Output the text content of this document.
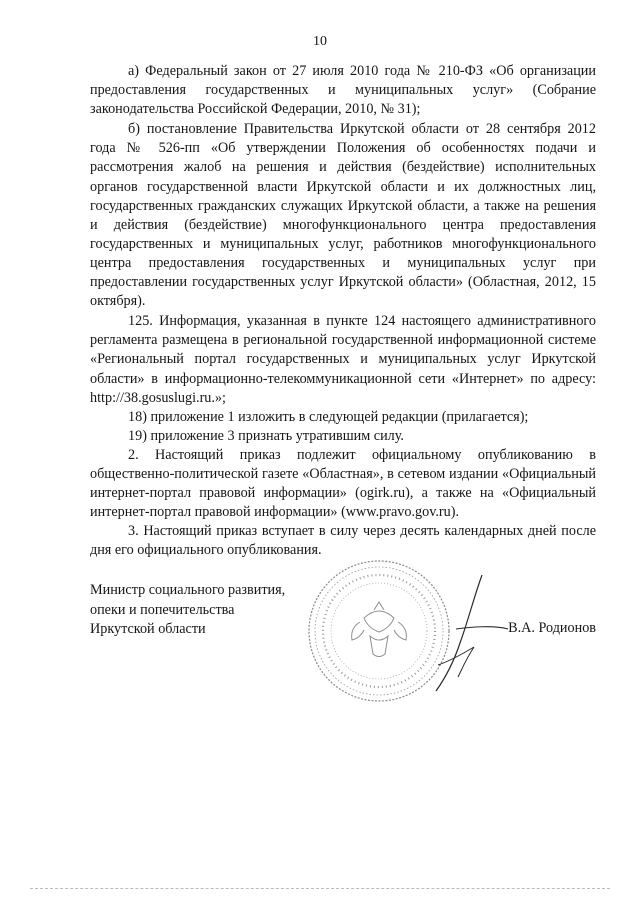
10

а) Федеральный закон от 27 июля 2010 года № 210-ФЗ «Об организации предоставления государственных и муниципальных услуг» (Собрание законодательства Российской Федерации, 2010, № 31);

б) постановление Правительства Иркутской области от 28 сентября 2012 года № 526-пп «Об утверждении Положения об особенностях подачи и рассмотрения жалоб на решения и действия (бездействие) исполнительных органов государственной власти Иркутской области и их должностных лиц, государственных гражданских служащих Иркутской области, а также на решения и действия (бездействие) многофункционального центра предоставления государственных и муниципальных услуг, работников многофункционального центра предоставления государственных и муниципальных услуг при предоставлении государственных услуг Иркутской области» (Областная, 2012, 15 октября).

125. Информация, указанная в пункте 124 настоящего административного регламента размещена в региональной государственной информационной системе «Региональный портал государственных и муниципальных услуг Иркутской области» в информационно-телекоммуникационной сети «Интернет» по адресу: http://38.gosuslugi.ru.»;

18) приложение 1 изложить в следующей редакции (прилагается);

19) приложение 3 признать утратившим силу.

2. Настоящий приказ подлежит официальному опубликованию в общественно-политической газете «Областная», в сетевом издании «Официальный интернет-портал правовой информации» (ogirk.ru), а также на «Официальный интернет-портал правовой информации» (www.pravo.gov.ru).

3. Настоящий приказ вступает в силу через десять календарных дней после дня его официального опубликования.

Министр социального развития,
опеки и попечительства
Иркутской области	В.А. Родионов
